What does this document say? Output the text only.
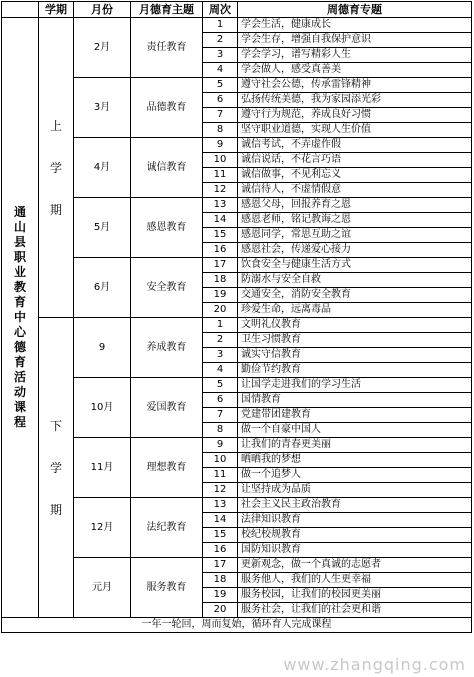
	学期	月份	月德育主题	周次	周德育专题

通山县职业教育中心德育活动课程	上
学
期	2月	责任教育	1	学会生活，健康成长
				2	学会生存，增强自我保护意识
				3	学会学习，谱写精彩人生
				4	学会做人，感受真善美
		3月	品德教育	5	遵守社会公德，传承雷锋精神
				6	弘扬传统美德，我为家园添光彩
				7	遵守行为规范，养成良好习惯
				8	坚守职业道德，实现人生价值
		4月	诚信教育	9	诚信考试，不弄虚作假
				10	诚信说话，不花言巧语
				11	诚信做事，不见利忘义
				12	诚信待人，不虚情假意
		5月	感恩教育	13	感恩父母，回报养育之恩
				14	感恩老师，铭记教诲之恩
				15	感恩同学，常思互助之谊
				16	感恩社会，传递爱心接力
		6月	安全教育	17	饮食安全与健康生活方式
				18	防溺水与安全自救
				19	交通安全，消防安全教育
				20	珍爱生命，远离毒品

	下
学
期	9	养成教育	1	文明礼仪教育
				2	卫生习惯教育
				3	诚实守信教育
				4	勤俭节约教育
		10月	爱国教育	5	让国学走进我们的学习生活
				6	国情教育
				7	党建带团建教育
				8	做一个自豪中国人
		11月	理想教育	9	让我们的青春更美丽
				10	晒晒我的梦想
				11	做一个追梦人
				12	让坚持成为品质
		12月	法纪教育	13	社会主义民主政治教育
				14	法律知识教育
				15	校纪校规教育
				16	国防知识教育
		元月	服务教育	17	更新观念，做一个真诚的志愿者
				18	服务他人，我们的人生更幸福
				19	服务校园，让我们的校园更美丽
				20	服务社会，让我们的社会更和谐
一年一轮回，周而复始，循环育人完成课程					
www.zhangqing.com
